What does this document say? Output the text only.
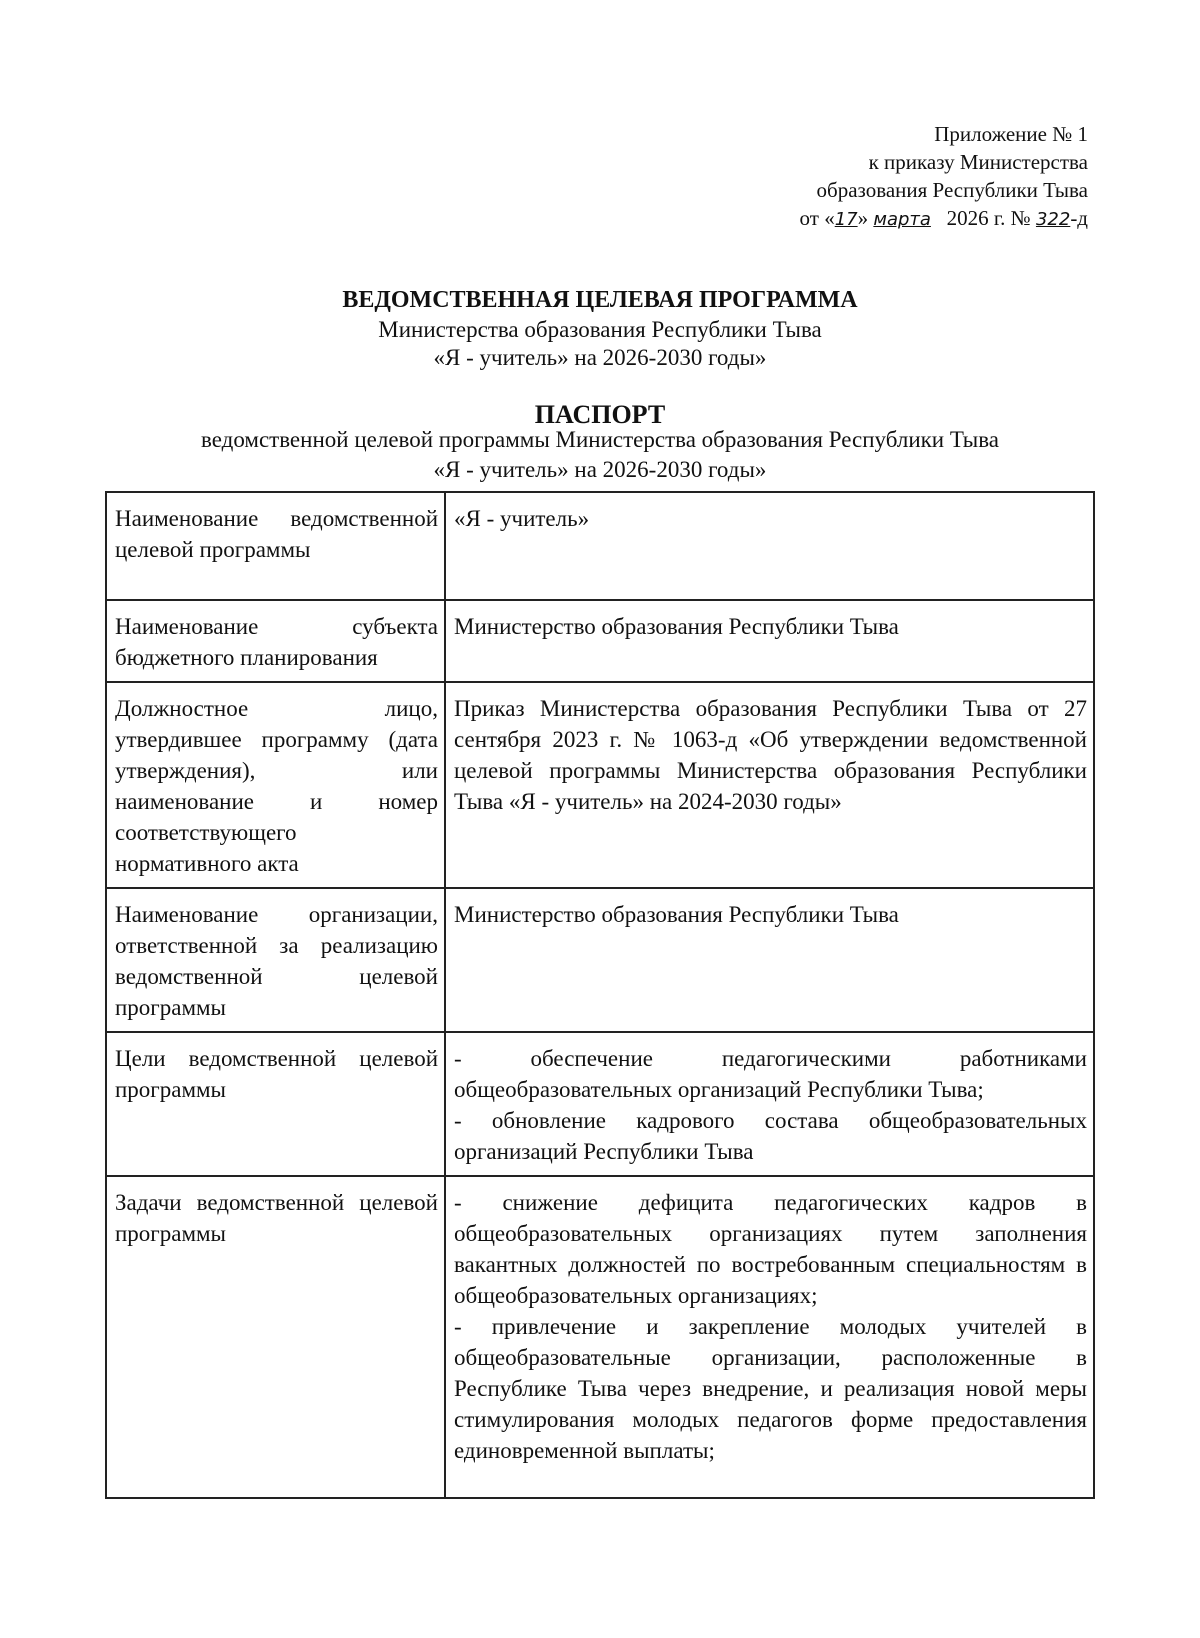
Приложение № 1
к приказу Министерства
образования Республики Тыва
от «17» марта 2026 г. № 322-д
ВЕДОМСТВЕННАЯ ЦЕЛЕВАЯ ПРОГРАММА
Министерства образования Республики Тыва
«Я - учитель» на 2026-2030 годы»
ПАСПОРТ
ведомственной целевой программы Министерства образования Республики Тыва
«Я - учитель» на 2026-2030 годы»
Наименование ведомственной целевой программы	«Я - учитель»
Наименование субъекта бюджетного планирования	Министерство образования Республики Тыва
Должностное лицо, утвердившее программу (дата утверждения), или наименование и номер соответствующего нормативного акта	Приказ Министерства образования Республики Тыва от 27 сентября 2023 г. № 1063-д «Об утверждении ведомственной целевой программы Министерства образования Республики Тыва «Я - учитель» на 2024-2030 годы»
Наименование организации, ответственной за реализацию ведомственной целевой программы	Министерство образования Республики Тыва
Цели ведомственной целевой программы	- обеспечение педагогическими работниками общеобразовательных организаций Республики Тыва;
- обновление кадрового состава общеобразовательных организаций Республики Тыва

Задачи ведомственной целевой программы	- снижение дефицита педагогических кадров в общеобразовательных организациях путем заполнения вакантных должностей по востребованным специальностям в общеобразовательных организациях;
- привлечение и закрепление молодых учителей в общеобразовательные организации, расположенные в Республике Тыва через внедрение, и реализация новой меры стимулирования молодых педагогов форме предоставления единовременной выплаты;
